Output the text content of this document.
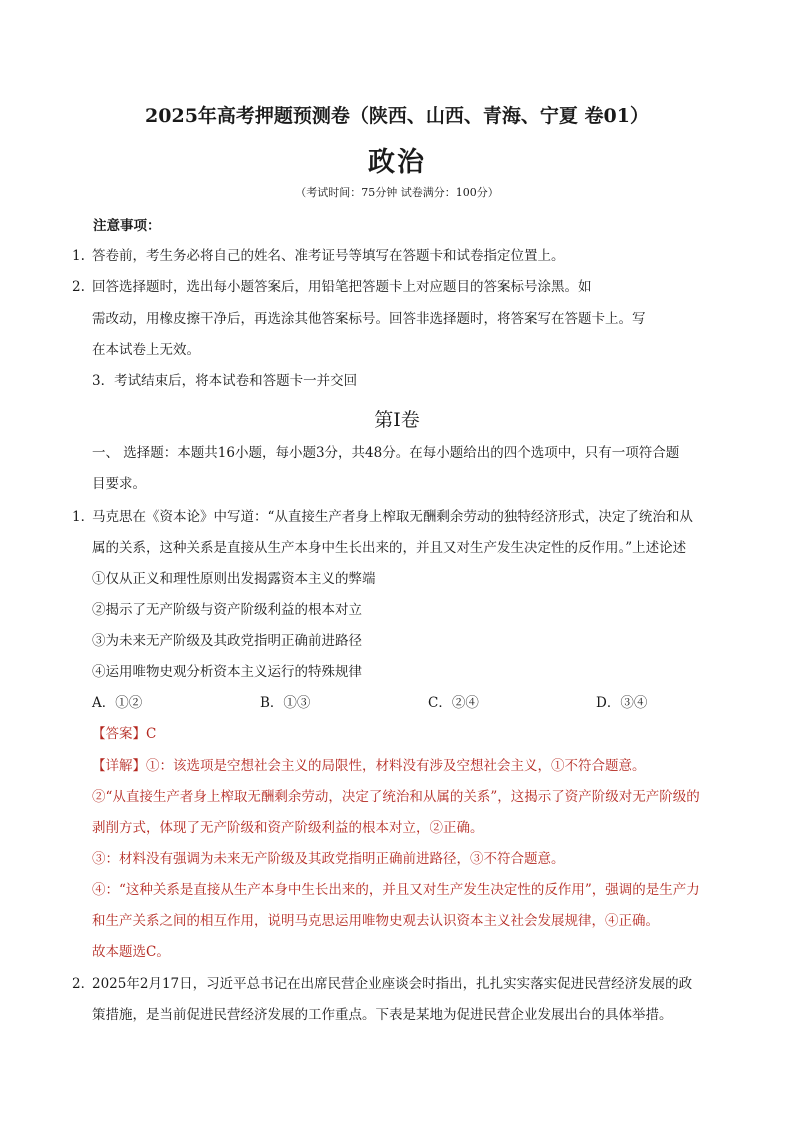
2025年高考押题预测卷（陕西、山西、青海、宁夏 卷01）
政治
（考试时间：75分钟 试卷满分：100分）
注意事项：
1. 答卷前，考生务必将自己的姓名、准考证号等填写在答题卡和试卷指定位置上。
2. 回答选择题时，选出每小题答案后，用铅笔把答题卡上对应题目的答案标号涂黑。如
需改动，用橡皮擦干净后，再选涂其他答案标号。回答非选择题时，将答案写在答题卡上。写
在本试卷上无效。
3．考试结束后，将本试卷和答题卡一并交回
第Ⅰ卷
一、 选择题：本题共16小题，每小题3分，共48分。在每小题给出的四个选项中，只有一项符合题
目要求。
1．
马克思在《资本论》中写道：“从直接生产者身上榨取无酬剩余劳动的独特经济形式，决定了统治和从
属的关系，这种关系是直接从生产本身中生长出来的，并且又对生产发生决定性的反作用。”上述论述
①仅从正义和理性原则出发揭露资本主义的弊端
②揭示了无产阶级与资产阶级利益的根本对立
③为未来无产阶级及其政党指明正确前进路径
④运用唯物史观分析资本主义运行的特殊规律
A．①②	B．①③	C．②④	D．③④
【答案】C
【详解】①：该选项是空想社会主义的局限性，材料没有涉及空想社会主义，①不符合题意。
②“从直接生产者身上榨取无酬剩余劳动，决定了统治和从属的关系”，这揭示了资产阶级对无产阶级的
剥削方式，体现了无产阶级和资产阶级利益的根本对立，②正确。
③：材料没有强调为未来无产阶级及其政党指明正确前进路径，③不符合题意。
④：“这种关系是直接从生产本身中生长出来的，并且又对生产发生决定性的反作用”，强调的是生产力
和生产关系之间的相互作用，说明马克思运用唯物史观去认识资本主义社会发展规律，④正确。
故本题选C。
2．
2025年2月17日，习近平总书记在出席民营企业座谈会时指出，扎扎实实落实促进民营经济发展的政
策措施，是当前促进民营经济发展的工作重点。下表是某地为促进民营企业发展出台的具体举措。
